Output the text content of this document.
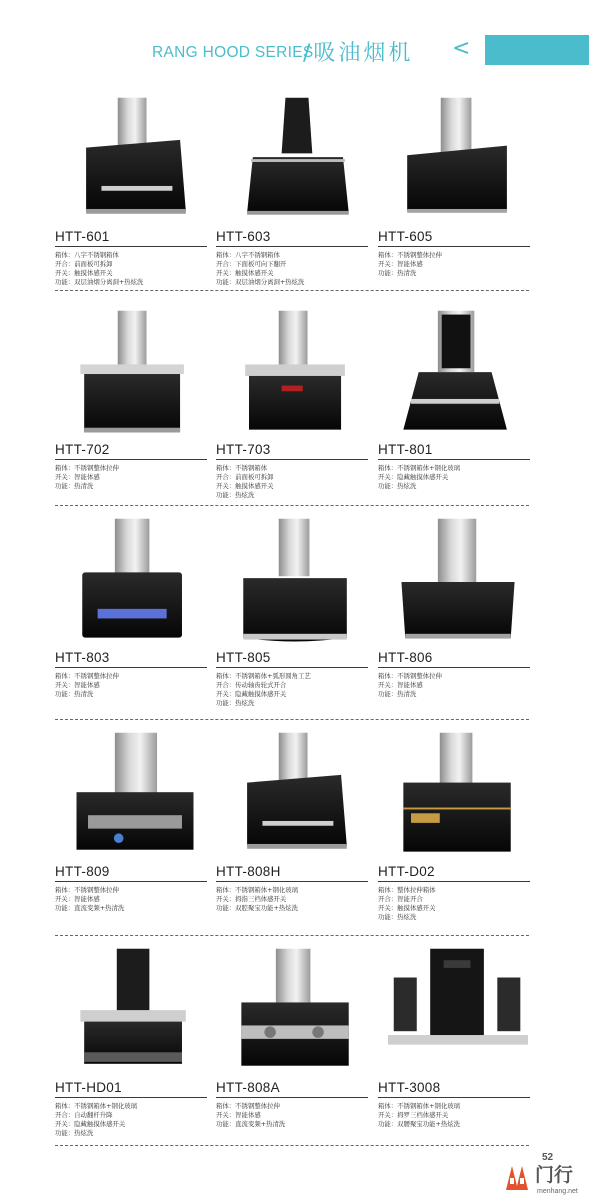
RANG HOOD SERIES
/吸油烟机 <
HTT-601
箱体：八字不锈钢箱体
开合：前面板可拆卸
开关：触摸体感开关
功能：双层油烟分离洞+热炫洗
HTT-603
箱体：八字不锈钢箱体
开合：下面板可向下翻开
开关：触摸体感开关
功能：双层油烟分离洞+热炫洗
HTT-605
箱体：不锈钢整体拉伸
开关：智能体感
功能：热清洗
HTT-702
箱体：不锈钢整体拉伸
开关：智能体感
功能：热清洗
HTT-703
箱体：不锈钢箱体
开合：前面板可拆卸
开关：触摸体感开关
功能：热炫洗
HTT-801
箱体：不锈钢箱体+钢化玻璃
开关：隐藏触摸体感开关
功能：热炫洗
HTT-803
箱体：不锈钢整体拉伸
开关：智能体感
功能：热清洗
HTT-805
箱体：不锈钢箱体+弧形圆角工艺
开合：传动轴齿轮式开合
开关：隐藏触摸体感开关
功能：热炫洗
HTT-806
箱体：不锈钢整体拉伸
开关：智能体感
功能：热清洗
HTT-809
箱体：不锈钢整体拉伸
开关：智能体感
功能：直流变频+热清洗
HTT-808H
箱体：不锈钢箱体+钢化玻璃
开关：拇指三档体感开关
功能：双腔聚宝功能+热炫洗
HTT-D02
箱体：整体拉伸箱体
开合：智能开合
开关：触摸体感开关
功能：热炫洗
HTT-HD01
箱体：不锈钢箱体+钢化玻璃
开合：自动翻杆升降
开关：隐藏触摸体感开关
功能：热炫洗
HTT-808A
箱体：不锈钢整体拉伸
开关：智能体感
功能：直流变频+热清洗
HTT-3008
箱体：不锈钢箱体+钢化玻璃
开关：拇罗三档体感开关
功能：双腰聚宝功能+热炫洗
52
门行
menhang.net
